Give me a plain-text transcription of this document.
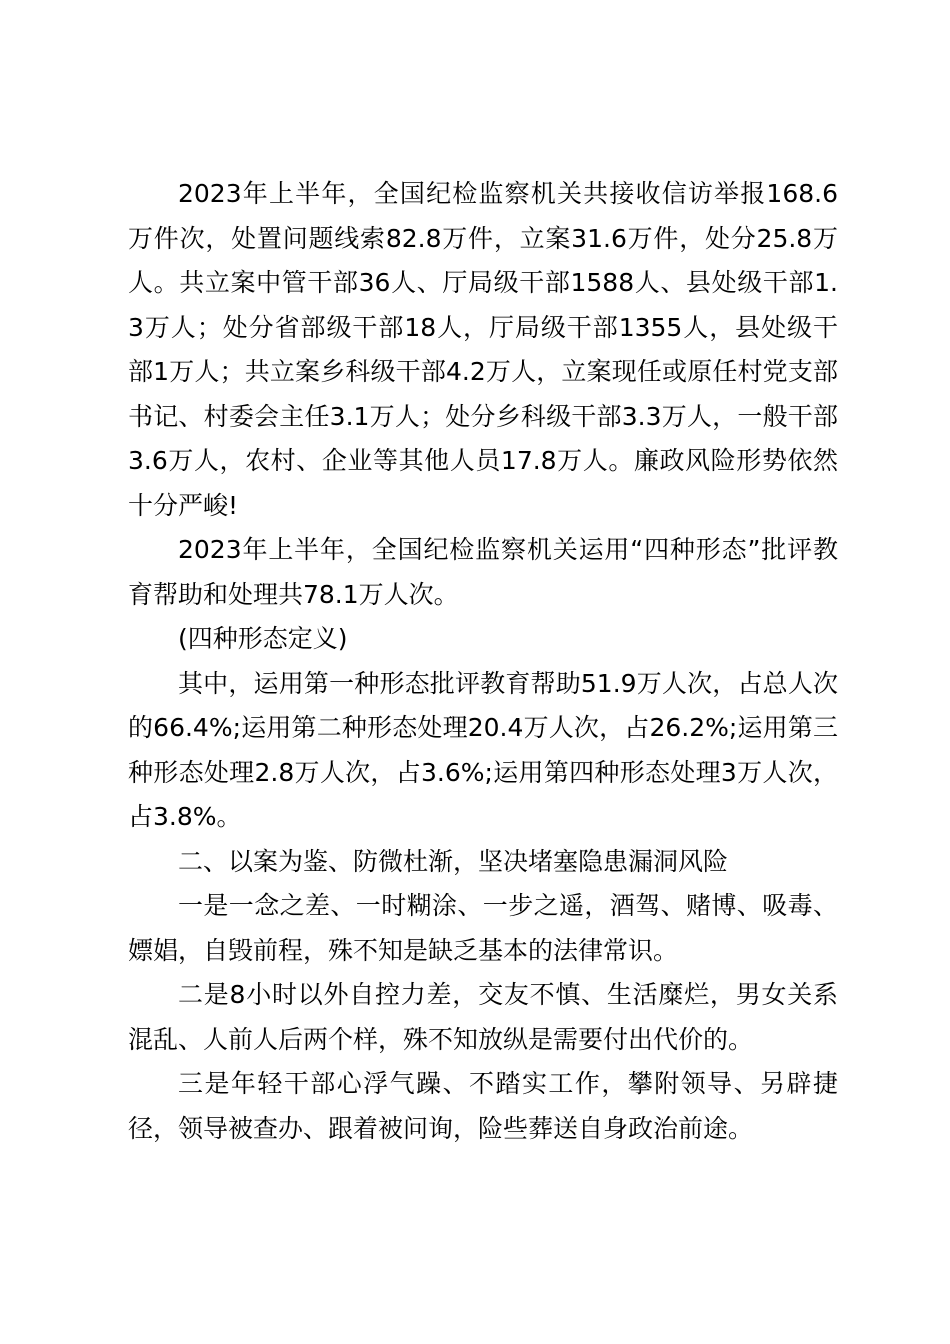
2023年上半年，全国纪检监察机关共接收信访举报168.6万件次，处置问题线索82.8万件，立案31.6万件，处分25.8万人。共立案中管干部36人、厅局级干部1588人、县处级干部1.3万人；处分省部级干部18人，厅局级干部1355人，县处级干部1万人；共立案乡科级干部4.2万人，立案现任或原任村党支部书记、村委会主任3.1万人；处分乡科级干部3.3万人，一般干部3.6万人，农村、企业等其他人员17.8万人。廉政风险形势依然十分严峻!

2023年上半年，全国纪检监察机关运用“四种形态”批评教育帮助和处理共78.1万人次。

(四种形态定义)

其中，运用第一种形态批评教育帮助51.9万人次，占总人次的66.4%;运用第二种形态处理20.4万人次，占26.2%;运用第三种形态处理2.8万人次，占3.6%;运用第四种形态处理3万人次，占3.8%。

二、以案为鉴、防微杜渐，坚决堵塞隐患漏洞风险

一是一念之差、一时糊涂、一步之遥，酒驾、赌博、吸毒、嫖娼，自毁前程，殊不知是缺乏基本的法律常识。

二是8小时以外自控力差，交友不慎、生活糜烂，男女关系混乱、人前人后两个样，殊不知放纵是需要付出代价的。

三是年轻干部心浮气躁、不踏实工作，攀附领导、另辟捷径，领导被查办、跟着被问询，险些葬送自身政治前途。
